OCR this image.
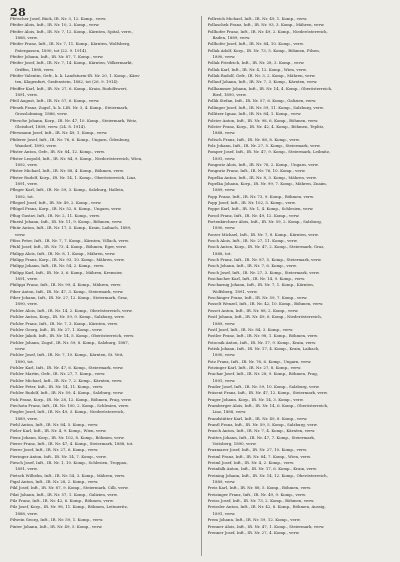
28

Pfetscher Josef, Bäck, IR. Nr. 3, 12. Komp., verw.

Pfeifer Alois, Inft., IR. Nr. 10, 2. Komp., verw.

Pfeifer Alois, Inft., IR. Nr. 7, 12. Komp., Kärnten, Spital, verw.,

1888, verw.

Pfeifer Franz, Inft., IR. Nr. 7, 11. Komp., Kärnten, Wolfsberg,

Patergassen, 1890, tot (22. 9. 1914).

Pfeifer Johann, Inft., IR. Nr. 87, 7. Komp., verw.

Pfeifer Josef, Inft., IR. Nr. 7, 14. Komp., Kärnten, Völkermarkt,

Griffen, 1888, verw.

Pfeifer Valentin, Gefr., k. k. Landsturm-IR. Nr. 20, 1. Komp., Kärn-

ten, Klagenfurt, Grafenstein, 1882, tot (26. 9. 1914).

Pfeiffer Karl, Inft., IR. Nr. 27, 6. Komp., Krain, Rudolfswert,

1891, verw.

Pfeil August, Inft., IR. Nr. 57, 6. Komp., verw.

Pfenek Franz, Zugsf., k. k. LIR. Nr. 3, 4. Komp., Steiermark,

Grosslobming, 1886, verw.

Pfersche Johann, Korp., IR. Nr. 47, 10. Komp., Steiermark, Weiz,

Gleisdorf, 1889, verw. (24. 8. 1914).

Pfersmann Josef, Inft., IR. Nr. 49, 1. Komp., verw.

Pfiderer Josef, Inft., IR. Nr. 76, 6. Komp., Ungarn, Ödenburg,

Wandorf, 1890, verw.

Pfister Anton, Gefr., IR. Nr. 84, 12. Komp., verw.

Pfister Leopold, Inft., IR. Nr. 84, 9. Komp., Niederösterreich, Wien,

1892, verw.

Pfister Michael, Inft., IR. Nr. 88, 4. Komp., Böhmen, verw.

Pfister Rudolf, Korp., IR. Nr. 14, 1. Komp., Oberösterreich, Linz,

1891, verw.

Pfleger Karl, Inft., IR. Nr. 59, 3. Komp., Salzburg, Hallein,

1892, tot.

Pflegerl Josef, Inft., IR. Nr. 49, 2. Komp., verw.

Pflügel Franz, Korp., IR. Nr. 52, 8. Komp., Ungarn, verw.

Pflug Gustav, Inft., IR. Nr. 2, 11. Komp., verw.

Pfneisl Johann, Inft., IR. Nr. 11, 9. Komp., Böhmen, verw.

Pfnür Anton, Inft., IR. Nr. 17, 5. Komp., Krain, Laibach, 1889,

verw.

Pföss Peter, Inft., IR. Nr. 7, 7. Komp., Kärnten, Villach, verw.

Pfuhl Josef, Inft., IR. Nr. 73, 4. Komp., Böhmen, Eger, verw.

Philipp Alois, Inft., IR. Nr. 8, 1. Komp., Mähren, verw.

Philipp Franz, Korp., IR. Nr. 93, 10. Komp., Mähren, verw.

Philipp Johann, Inft., IR. Nr. 54, 2. Komp., verw.

Philipp Karl, Inft., IR. Nr. 3, 6. Komp., Mähren, Kremsier,

1891, verw.

Philippi Franz, Inft., IR. Nr. 99, 4. Komp., Mähren, verw.

Piber Anton, Inft., IR. Nr. 47, 3. Komp., Steiermark, verw.

Piber Johann, Inft., IR. Nr. 27, 12. Komp., Steiermark, Graz,

1890, verw.

Pichler Alois, Inft., IR. Nr. 14, 2. Komp., Oberösterreich, verw.

Pichler Anton, Korp., IR. Nr. 59, 9. Komp., Salzburg, verw.

Pichler Franz, Inft., IR. Nr. 7, 3. Komp., Kärnten, verw.

Pichler Georg, Inft., IR. Nr. 27, 1. Komp., verw.

Pichler Jakob, Inft., IR. Nr. 14, 5. Komp., Oberösterreich, verw.

Pichler Johann, Zugsf., IR. Nr. 59, 8. Komp., Salzburg, 1887,

verw.

Pichler Josef, Inft., IR. Nr. 7, 10. Komp., Kärnten, St. Veit,

1890, tot.

Pichler Karl, Inft., IR. Nr. 47, 6. Komp., Steiermark, verw.

Pichler Martin, Gefr., IR. Nr. 27, 7. Komp., verw.

Pichler Michael, Inft., IR. Nr. 7, 2. Komp., Kärnten, verw.

Pichler Peter, Inft., IR. Nr. 14, 11. Komp., verw.

Pichler Rudolf, Inft., IR. Nr. 59, 4. Komp., Salzburg, verw.

Pick Franz, Korp., IR. Nr. 28, 12. Komp., Böhmen, Prag, verw.

Piechota Franz, Inft., IR. Nr. 100, 2. Komp., Schlesien, verw.

Piegler Josef, Inft., IR. Nr. 49, 3. Komp., Niederösterreich,

1889, verw.

Piehl Anton, Inft., IR. Nr. 84, 5. Komp., verw.

Pieler Karl, Inft., IR. Nr. 4, 9. Komp., Wien, verw.

Pienz Johann, Korp., IR. Nr. 102, 8. Komp., Böhmen, verw.

Pierer Franz, Inft., IR. Nr. 47, 4. Komp., Steiermark, 1888, tot.

Pierer Josef, Inft., IR. Nr. 27, 6. Komp., verw.

Pieringer Anton, Inft., IR. Nr. 14, 7. Komp., verw.

Piesch Josef, Inft., IR. Nr. 1, 10. Komp., Schlesien, Troppau,

1891, verw.

Pietsch Wilhelm, Inft., IR. Nr. 54, 3. Komp., Mähren, verw.

Pigal Anton, Inft., IR. Nr. 28, 2. Komp., verw.

Pikl Josef, Inft., IR. Nr. 87, 9. Komp., Steiermark, Cilli, verw.

Pilat Johann, Inft., IR. Nr. 57, 1. Komp., Galizien, verw.

Pilz Franz, Inft., IR. Nr. 42, 6. Komp., Böhmen, verw.

Pilz Josef, Korp., IR. Nr. 98, 11. Komp., Böhmen, Leitmeritz,

1888, verw.

Pilwein Georg, Inft., IR. Nr. 59, 1. Komp., verw.

Pinter Johann, Inft., IR. Nr. 49, 5. Komp., verw.

Pollreich Michael, Inft., IR. Nr. 49, 1. Komp., verw.

Pollaschek Franz, Inft., IR. Nr. 93, 3. Komp., Mähren, verw.

Pollhofer Franz, Inft., IR. Nr. 49, 2. Komp., Niederösterreich,

Baden, 1889, verw.

Pollhofer Josef, Inft., IR. Nr. 84, 10. Komp., verw.

Pollak Adolf, Korp., IR. Nr. 73, 5. Komp., Böhmen, Pilsen,

1890, verw.

Pollak Friedrich, Inft., IR. Nr. 28, 3. Komp., verw.

Pollak Karl, Inft., IR. Nr. 4, 12. Komp., Wien, verw.

Pollak Rudolf, Gefr., IR. Nr. 3, 2. Komp., Mähren, verw.

Pollauf Johann, Inft., IR. Nr. 7, 3. Komp., Kärnten, verw.

Pollhammer Johann, Inft., IR. Nr. 14, 4. Komp., Oberösterreich,

Ried, 1890, verw.

Pollik Stefan, Inft., IR. Nr. 57, 6. Komp., Galizien, verw.

Pollinger Josef, Inft., IR. Nr. 59, 11. Komp., Salzburg, verw.

Pollitzer Ignaz, Inft., IR. Nr. 84, 1. Komp., verw.

Polster Anton, Inft., IR. Nr. 98, 6. Komp., Böhmen, verw.

Polster Franz, Korp., IR. Nr. 42, 4. Komp., Böhmen, Teplitz,

1888, verw.

Poltsch Franz, Inft., IR. Nr. 88, 8. Komp., verw.

Polz Johann, Inft., IR. Nr. 27, 5. Komp., Steiermark, verw.

Pomper Josef, Inft., IR. Nr. 47, 9. Komp., Steiermark, Leibnitz,

1891, verw.

Pongratz Alois, Inft., IR. Nr. 76, 2. Komp., Ungarn, verw.

Pongratz Franz, Inft., IR. Nr. 76, 10. Komp., verw.

Popelka Anton, Inft., IR. Nr. 8, 3. Komp., Mähren, verw.

Popelka Johann, Korp., IR. Nr. 99, 7. Komp., Mähren, Znaim,

1889, verw.

Popp Franz, Inft., IR. Nr. 73, 9. Komp., Böhmen, verw.

Popp Josef, Inft., IR. Nr. 102, 5. Komp., verw.

Poppe Karl, Inft., IR. Nr. 1, 4. Komp., Schlesien, verw.

Porod Franz, Inft., IR. Nr. 49, 12. Komp., verw.

Portenkirchner Alois, Inft., IR. Nr. 59, 2. Komp., Salzburg,

1890, verw.

Porzer Michael, Inft., IR. Nr. 7, 8. Komp., Kärnten, verw.

Posch Alois, Inft., IR. Nr. 27, 11. Komp., verw.

Posch Anton, Korp., IR. Nr. 47, 2. Komp., Steiermark, Graz,

1888, tot.

Posch Franz, Inft., IR. Nr. 87, 5. Komp., Steiermark, verw.

Posch Johann, Inft., IR. Nr. 7, 6. Komp., verw.

Posch Josef, Inft., IR. Nr. 27, 3. Komp., Steiermark, verw.

Poschacher Karl, Inft., IR. Nr. 14, 9. Komp., verw.

Poscharnig Johann, Inft., IR. Nr. 7, 1. Komp., Kärnten,

Wolfsberg, 1891, verw.

Poschinger Franz, Inft., IR. Nr. 59, 7. Komp., verw.

Posselt Wenzel, Inft., IR. Nr. 42, 10. Komp., Böhmen, verw.

Posset Anton, Inft., IR. Nr. 88, 2. Komp., verw.

Postl Johann, Inft., IR. Nr. 49, 6. Komp., Niederösterreich,

1889, verw.

Postl Josef, Inft., IR. Nr. 84, 3. Komp., verw.

Postler Franz, Inft., IR. Nr. 98, 1. Komp., Böhmen, verw.

Potocnik Anton, Inft., IR. Nr. 17, 9. Komp., Krain, verw.

Potisk Johann, Inft., IR. Nr. 17, 4. Komp., Krain, Laibach,

1890, verw.

Potz Franz, Inft., IR. Nr. 76, 6. Komp., Ungarn, verw.

Potzinger Karl, Inft., IR. Nr. 27, 8. Komp., verw.

Prachar Josef, Inft., IR. Nr. 28, 9. Komp., Böhmen, Prag,

1891, verw.

Prader Josef, Inft., IR. Nr. 59, 10. Komp., Salzburg, verw.

Präsent Franz, Inft., IR. Nr. 47, 12. Komp., Steiermark, verw.

Prager Johann, Korp., IR. Nr. 14, 3. Komp., verw.

Pramberger Alois, Inft., IR. Nr. 14, 6. Komp., Oberösterreich,

Linz, 1888, verw.

Prandstätter Karl, Inft., IR. Nr. 49, 8. Komp., verw.

Prantl Franz, Inft., IR. Nr. 59, 5. Komp., Salzburg, verw.

Prasch Anton, Inft., IR. Nr. 7, 4. Komp., Kärnten, verw.

Prattes Johann, Inft., IR. Nr. 47, 7. Komp., Steiermark,

Voitsberg, 1890, verw.

Praxmarer Josef, Inft., IR. Nr. 27, 10. Komp., verw.

Preiml Franz, Inft., IR. Nr. 84, 7. Komp., Wien, verw.

Preiml Josef, Inft., IR. Nr. 4, 2. Komp., verw.

Preinfalk Anton, Inft., IR. Nr. 17, 6. Komp., Krain, verw.

Preining Johann, Inft., IR. Nr. 14, 12. Komp., Oberösterreich,

1889, verw.

Preis Karl, Inft., IR. Nr. 88, 5. Komp., Böhmen, verw.

Preisinger Franz, Inft., IR. Nr. 49, 9. Komp., verw.

Preiss Josef, Inft., IR. Nr. 73, 2. Komp., Böhmen, verw.

Preissler Anton, Inft., IR. Nr. 42, 8. Komp., Böhmen, Aussig,

1891, verw.

Prem Johann, Inft., IR. Nr. 59, 12. Komp., verw.

Prenner Alois, Inft., IR. Nr. 47, 1. Komp., Steiermark, verw.

Prenner Josef, Inft., IR. Nr. 27, 4. Komp., verw.
